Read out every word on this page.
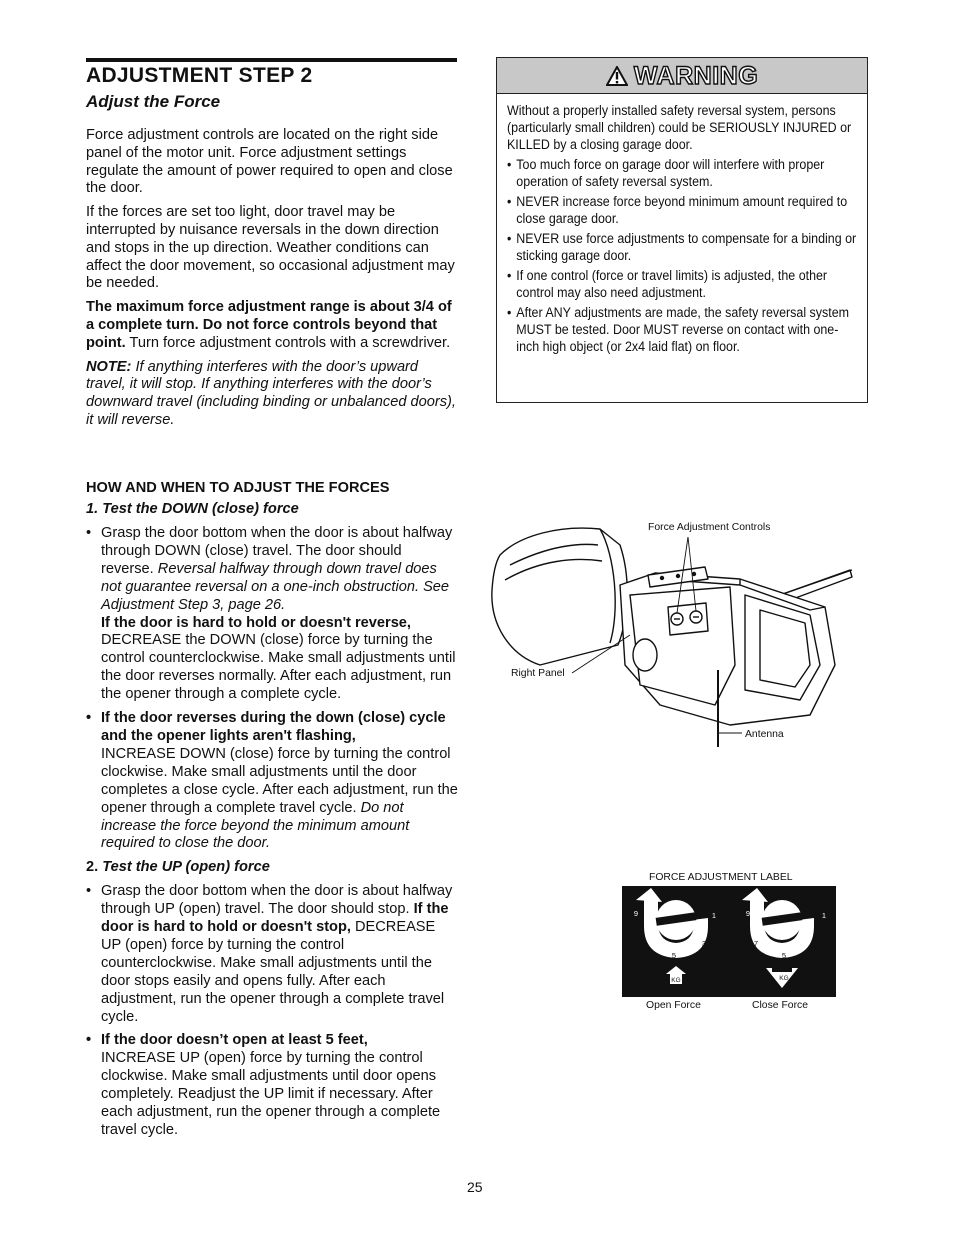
ADJUSTMENT STEP 2
Adjust the Force

Force adjustment controls are located on the right side panel of the motor unit. Force adjustment settings regulate the amount of power required to open and close the door.

If the forces are set too light, door travel may be interrupted by nuisance reversals in the down direction and stops in the up direction. Weather conditions can affect the door movement, so occasional adjustment may be needed.

The maximum force adjustment range is about 3/4 of a complete turn. Do not force controls beyond that point. Turn force adjustment controls with a screwdriver.

NOTE: If anything interferes with the door’s upward travel, it will stop. If anything interferes with the door’s downward travel (including binding or unbalanced doors), it will reverse.

HOW AND WHEN TO ADJUST THE FORCES
1. Test the DOWN (close) force
• Grasp the door bottom when the door is about halfway through DOWN (close) travel. The door should reverse. Reversal halfway through down travel does not guarantee reversal on a one-inch obstruction. See Adjustment Step 3, page 26.
If the door is hard to hold or doesn't reverse,
DECREASE the DOWN (close) force by turning the control counterclockwise. Make small adjustments until the door reverses normally. After each adjustment, run the opener through a complete cycle.
• If the door reverses during the down (close) cycle and the opener lights aren't flashing,
INCREASE DOWN (close) force by turning the control clockwise. Make small adjustments until the door completes a close cycle. After each adjustment, run the opener through a complete travel cycle. Do not increase the force beyond the minimum amount required to close the door.
2. Test the UP (open) force
• Grasp the door bottom when the door is about halfway through UP (open) travel. The door should stop. If the door is hard to hold or doesn't stop, DECREASE UP (open) force by turning the control counterclockwise. Make small adjustments until the door stops easily and opens fully. After each adjustment, run the opener through a complete travel cycle.
• If the door doesn’t open at least 5 feet,
INCREASE UP (open) force by turning the control clockwise. Make small adjustments until door opens completely. Readjust the UP limit if necessary. After each adjustment, run the opener through a complete travel cycle.
WARNING

Without a properly installed safety reversal system, persons (particularly small children) could be SERIOUSLY INJURED or KILLED by a closing garage door.

• Too much force on garage door will interfere with proper operation of safety reversal system.
• NEVER increase force beyond minimum amount required to close garage door.
• NEVER use force adjustments to compensate for a binding or sticking garage door.
• If one control (force or travel limits) is adjusted, the other control may also need adjustment.
• After ANY adjustments are made, the safety reversal system MUST be tested. Door MUST reverse on contact with one-inch high object (or 2x4 laid flat) on floor.
Force Adjustment Controls
Right Panel
Antenna
FORCE ADJUSTMENT LABEL
9	1
7	3
5
9	1
7	3
5
KG	KG
Open Force	Close Force
25
